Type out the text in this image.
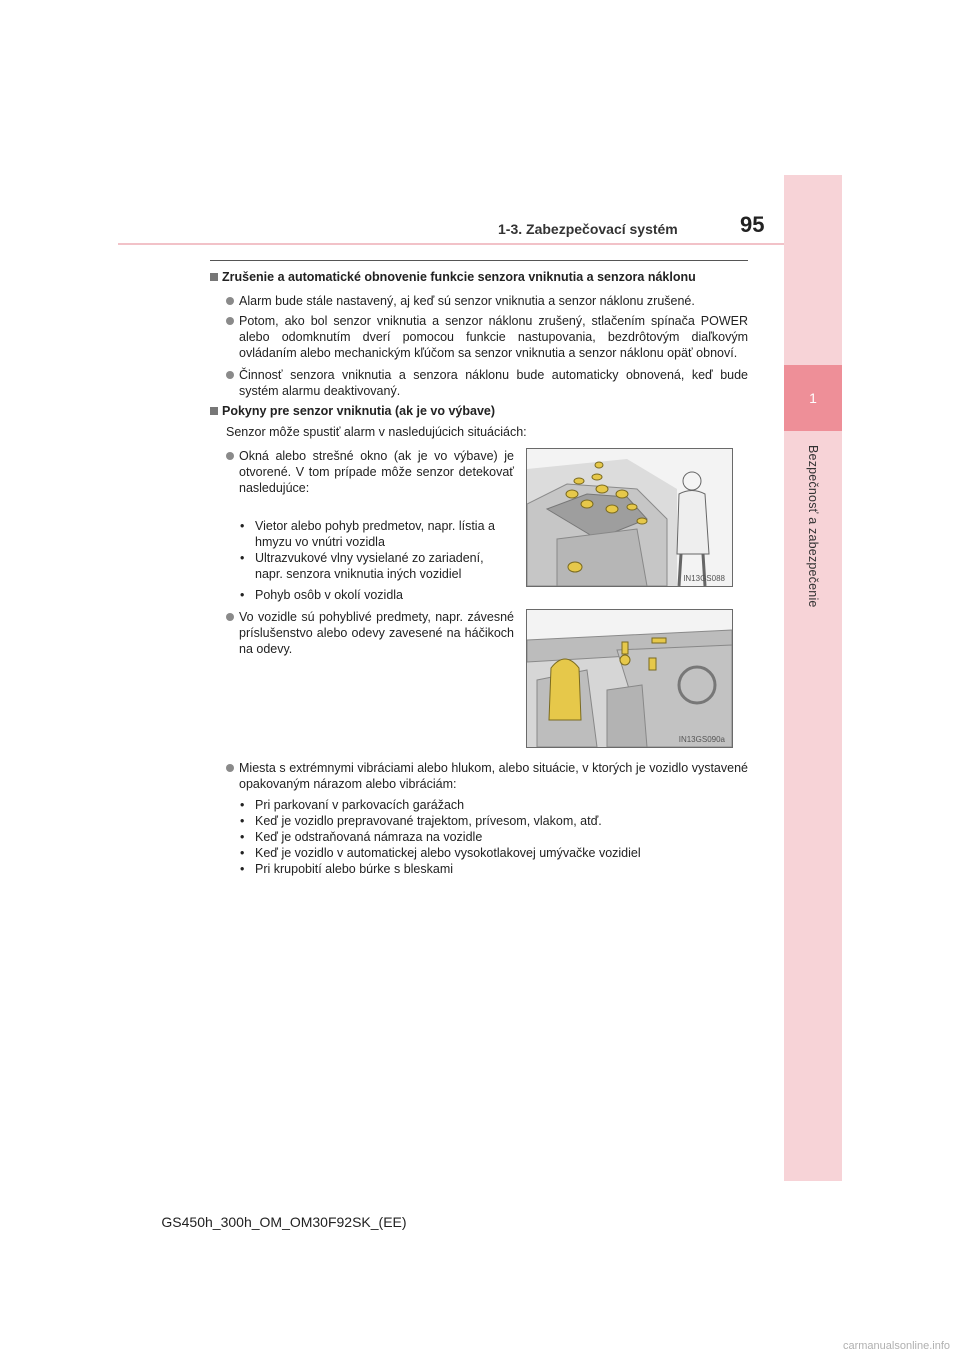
1
Bezpečnosť a zabezpečenie
1-3. Zabezpečovací systém	95
Zrušenie a automatické obnovenie funkcie senzora vniknutia a senzora náklonu
Alarm bude stále nastavený, aj keď sú senzor vniknutia a senzor náklonu zrušené.
Potom, ako bol senzor vniknutia a senzor náklonu zrušený, stlačením spínača POWER alebo odomknutím dverí pomocou funkcie nastupovania, bezdrôtovým diaľkovým ovládaním alebo mechanickým kľúčom sa senzor vniknutia a senzor náklonu opäť obnoví.
Činnosť senzora vniknutia a senzora náklonu bude automaticky obnovená, keď bude systém alarmu deaktivovaný.
Pokyny pre senzor vniknutia (ak je vo výbave)
Senzor môže spustiť alarm v nasledujúcich situáciách:
Okná alebo strešné okno (ak je vo výbave) je otvorené. V tom prípade môže senzor detekovať nasledujúce:
• Vietor alebo pohyb predmetov, napr. lístia a hmyzu vo vnútri vozidla
• Ultrazvukové vlny vysielané zo zariadení, napr. senzora vniknutia iných vozidiel
• Pohyb osôb v okolí vozidla
IN13GS088
Vo vozidle sú pohyblivé predmety, napr. závesné príslušenstvo alebo odevy zavesené na háčikoch na odevy.
IN13GS090a
Miesta s extrémnymi vibráciami alebo hlukom, alebo situácie, v ktorých je vozidlo vystavené opakovaným nárazom alebo vibráciám:
• Pri parkovaní v parkovacích garážach
• Keď je vozidlo prepravované trajektom, prívesom, vlakom, atď.
• Keď je odstraňovaná námraza na vozidle
• Keď je vozidlo v automatickej alebo vysokotlakovej umývačke vozidiel
• Pri krupobití alebo búrke s bleskami
GS450h_300h_OM_OM30F92SK_(EE)
carmanualsonline.info
